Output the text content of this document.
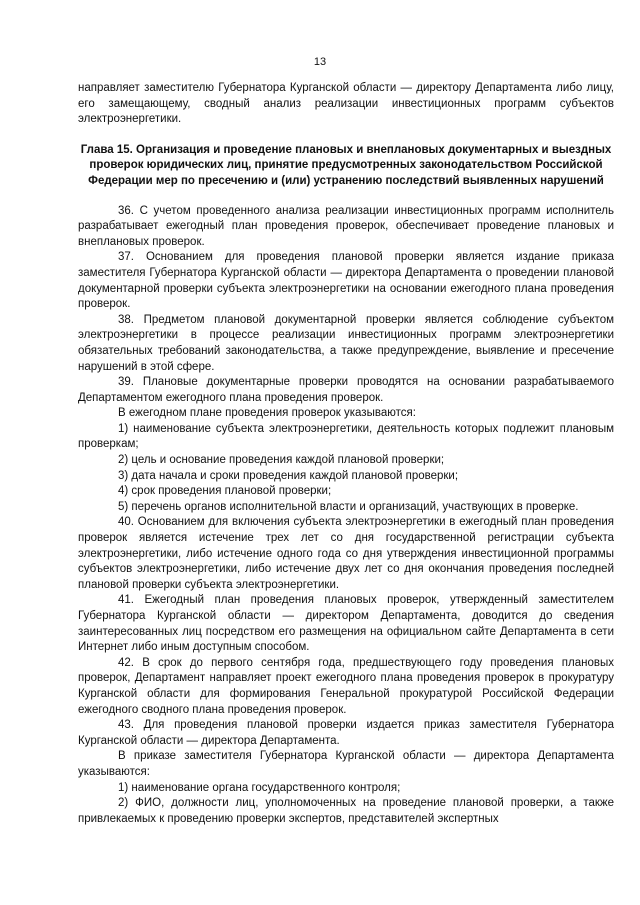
13

направляет заместителю Губернатора Курганской области — директору Департамента либо лицу, его замещающему, сводный анализ реализации инвестиционных программ субъектов электроэнергетики.

Глава 15. Организация и проведение плановых и внеплановых документарных и выездных проверок юридических лиц, принятие предусмотренных законодательством Российской Федерации мер по пресечению и (или) устранению последствий выявленных нарушений

36. С учетом проведенного анализа реализации инвестиционных программ исполнитель разрабатывает ежегодный план проведения проверок, обеспечивает проведение плановых и внеплановых проверок.

37. Основанием для проведения плановой проверки является издание приказа заместителя Губернатора Курганской области — директора Департамента о проведении плановой документарной проверки субъекта электроэнергетики на основании ежегодного плана проведения проверок.

38. Предметом плановой документарной проверки является соблюдение субъектом электроэнергетики в процессе реализации инвестиционных программ электроэнергетики обязательных требований законодательства, а также предупреждение, выявление и пресечение нарушений в этой сфере.

39. Плановые документарные проверки проводятся на основании разрабатываемого Департаментом ежегодного плана проведения проверок.

В ежегодном плане проведения проверок указываются:

1) наименование субъекта электроэнергетики, деятельность которых подлежит плановым проверкам;

2) цель и основание проведения каждой плановой проверки;

3) дата начала и сроки проведения каждой плановой проверки;

4) срок проведения плановой проверки;

5) перечень органов исполнительной власти и организаций, участвующих в проверке.

40. Основанием для включения субъекта электроэнергетики в ежегодный план проведения проверок является истечение трех лет со дня государственной регистрации субъекта электроэнергетики, либо истечение одного года со дня утверждения инвестиционной программы субъектов электроэнергетики, либо истечение двух лет со дня окончания проведения последней плановой проверки субъекта электроэнергетики.

41. Ежегодный план проведения плановых проверок, утвержденный заместителем Губернатора Курганской области — директором Департамента, доводится до сведения заинтересованных лиц посредством его размещения на официальном сайте Департамента в сети Интернет либо иным доступным способом.

42. В срок до первого сентября года, предшествующего году проведения плановых проверок, Департамент направляет проект ежегодного плана проведения проверок в прокуратуру Курганской области для формирования Генеральной прокуратурой Российской Федерации ежегодного сводного плана проведения проверок.

43. Для проведения плановой проверки издается приказ заместителя Губернатора Курганской области — директора Департамента.

В приказе заместителя Губернатора Курганской области — директора Департамента указываются:

1) наименование органа государственного контроля;

2) ФИО, должности лиц, уполномоченных на проведение плановой проверки, а также привлекаемых к проведению проверки экспертов, представителей экспертных
